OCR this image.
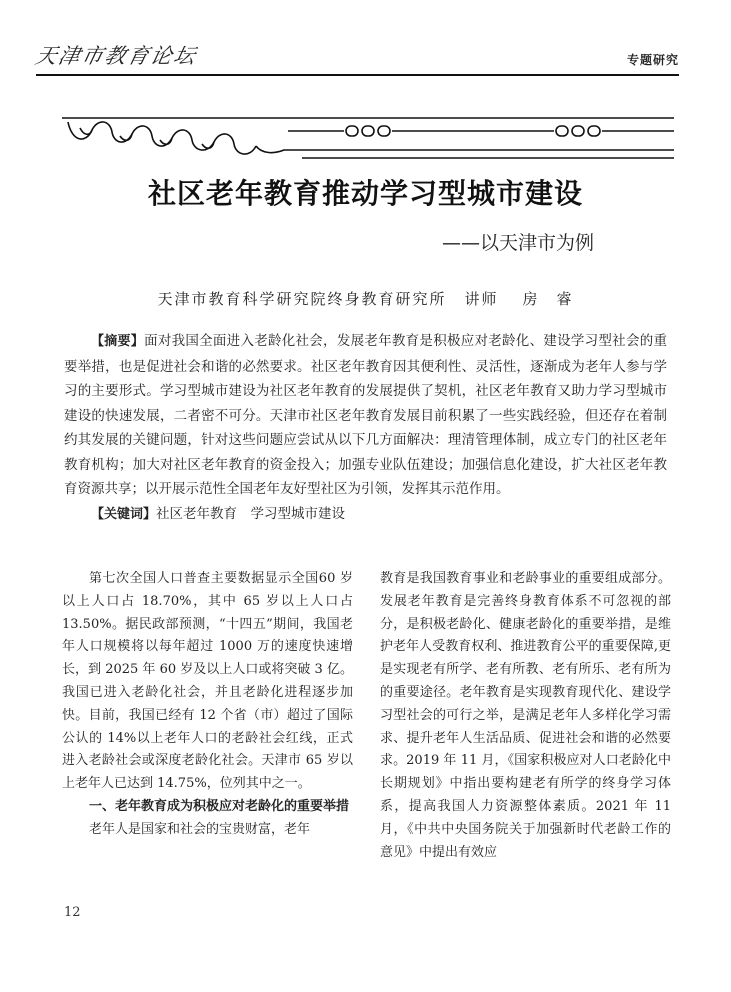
天津市教育论坛	专题研究
社区老年教育推动学习型城市建设
——以天津市为例
天津市教育科学研究院终身教育研究所 讲师 房　睿

【摘要】面对我国全面进入老龄化社会，发展老年教育是积极应对老龄化、建设学习型社会的重要举措，也是促进社会和谐的必然要求。社区老年教育因其便利性、灵活性，逐渐成为老年人参与学习的主要形式。学习型城市建设为社区老年教育的发展提供了契机，社区老年教育又助力学习型城市建设的快速发展，二者密不可分。天津市社区老年教育发展目前积累了一些实践经验，但还存在着制约其发展的关键问题，针对这些问题应尝试从以下几方面解决：理清管理体制，成立专门的社区老年教育机构；加大对社区老年教育的资金投入；加强专业队伍建设；加强信息化建设，扩大社区老年教育资源共享；以开展示范性全国老年友好型社区为引领，发挥其示范作用。

【关键词】社区老年教育　学习型城市建设

第七次全国人口普查主要数据显示全国60 岁以上人口占 18.70%，其中 65 岁以上人口占 13.50%。据民政部预测，“十四五”期间，我国老年人口规模将以每年超过 1000 万的速度快速增长，到 2025 年 60 岁及以上人口或将突破 3 亿。我国已进入老龄化社会，并且老龄化进程逐步加快。目前，我国已经有 12 个省（市）超过了国际公认的 14%以上老年人口的老龄社会红线，正式进入老龄社会或深度老龄化社会。天津市 65 岁以上老年人已达到 14.75%，位列其中之一。

一、老年教育成为积极应对老龄化的重要举措

老年人是国家和社会的宝贵财富，老年

教育是我国教育事业和老龄事业的重要组成部分。发展老年教育是完善终身教育体系不可忽视的部分，是积极老龄化、健康老龄化的重要举措，是维护老年人受教育权利、推进教育公平的重要保障,更是实现老有所学、老有所教、老有所乐、老有所为的重要途径。老年教育是实现教育现代化、建设学习型社会的可行之举，是满足老年人多样化学习需求、提升老年人生活品质、促进社会和谐的必然要求。2019 年 11 月，《国家积极应对人口老龄化中长期规划》中指出要构建老有所学的终身学习体系，提高我国人力资源整体素质。2021 年 11 月，《中共中央国务院关于加强新时代老龄工作的意见》中提出有效应

12
